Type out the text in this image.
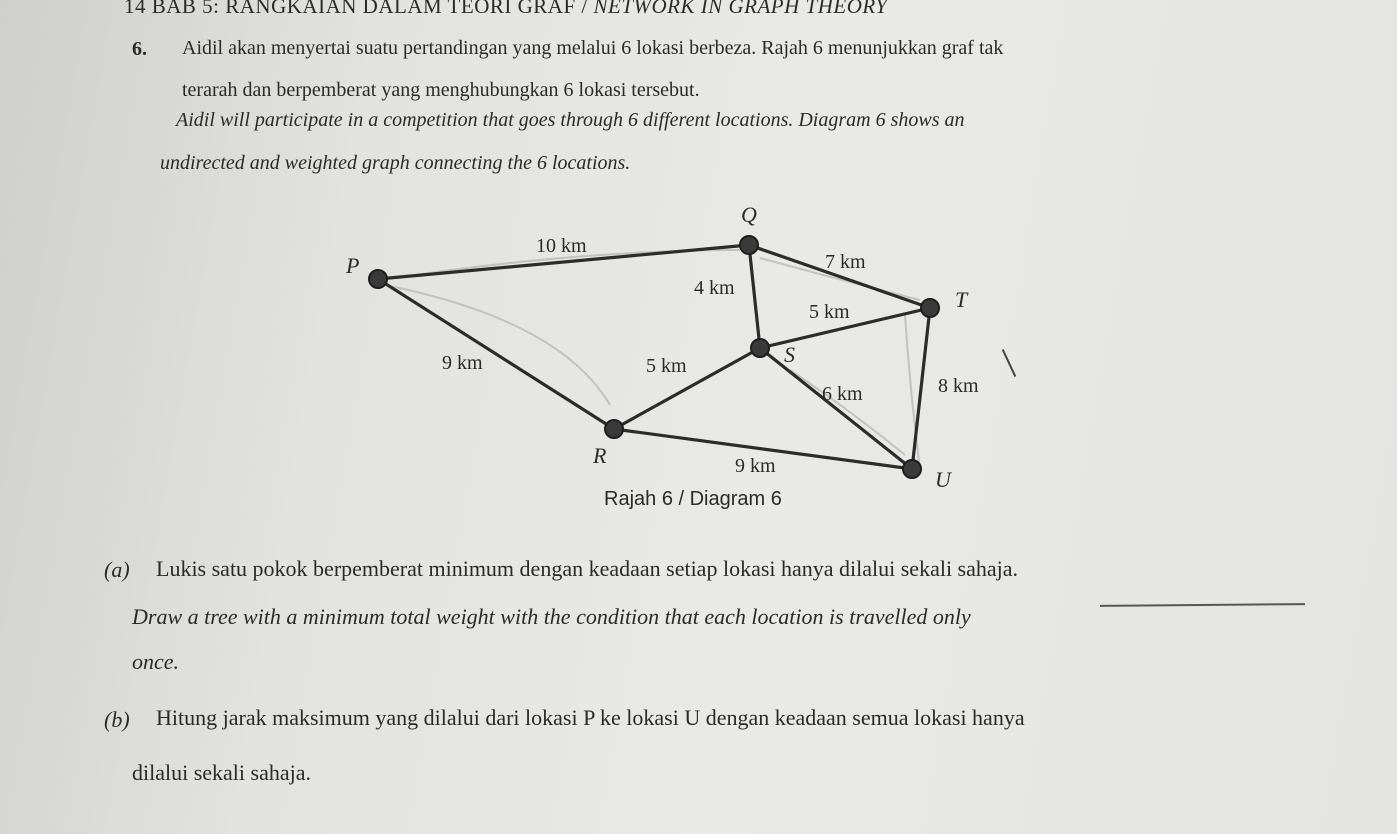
14 BAB 5: RANGKAIAN DALAM TEORI GRAF / NETWORK IN GRAPH THEORY
6. Aidil akan menyertai suatu pertandingan yang melalui 6 lokasi berbeza. Rajah 6 menunjukkan graf tak
terarah dan berpemberat yang menghubungkan 6 lokasi tersebut.
Aidil will participate in a competition that goes through 6 different locations. Diagram 6 shows an
undirected and weighted graph connecting the 6 locations.
10 km
7 km
4 km
5 km
9 km	5 km
6 km	8 km
9 km
P
Q
T
S
R
U
Rajah 6 / Diagram 6
(a) Lukis satu pokok berpemberat minimum dengan keadaan setiap lokasi hanya dilalui sekali sahaja.
Draw a tree with a minimum total weight with the condition that each location is travelled only
once.
(b) Hitung jarak maksimum yang dilalui dari lokasi P ke lokasi U dengan keadaan semua lokasi hanya
dilalui sekali sahaja.
